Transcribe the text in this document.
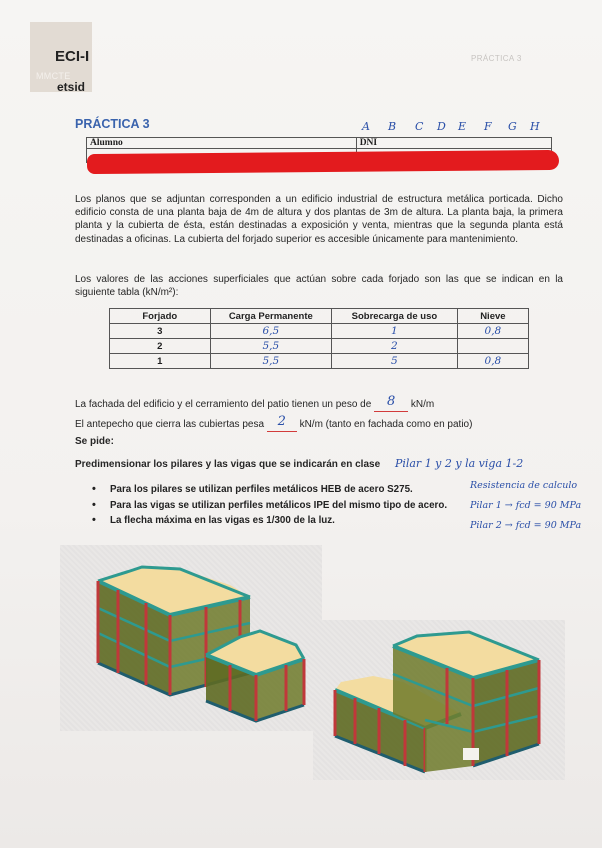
ECI-I
MMCTE
etsid
PRÁCTICA 3
PRÁCTICA 3	A B C D E F G H
Alumno	DNI

Los planos que se adjuntan corresponden a un edificio industrial de estructura metálica porticada. Dicho edificio consta de una planta baja de 4m de altura y dos plantas de 3m de altura. La planta baja, la primera planta y la cubierta de ésta, están destinadas a exposición y venta, mientras que la segunda planta está destinadas a oficinas. La cubierta del forjado superior es accesible únicamente para mantenimiento.

Los valores de las acciones superficiales que actúan sobre cada forjado son las que se indican en la siguiente tabla (kN/m²):

Forjado	Carga Permanente	Sobrecarga de uso	Nieve
3	6,5	1	0,8
2	5,5	2	
1	5,5	5	0,8
La fachada del edificio y el cerramiento del patio tienen un peso de 8 kN/m
El antepecho que cierra las cubiertas pesa 2 kN/m (tanto en fachada como en patio)
Se pide:
Predimensionar los pilares y las vigas que se indicarán en clase Pilar 1 y 2 y la viga 1-2
• Para los pilares se utilizan perfiles metálicos HEB de acero S275.
• Para las vigas se utilizan perfiles metálicos IPE del mismo tipo de acero.
• La flecha máxima en las vigas es 1/300 de la luz.
Resistencia de calculo
Pilar 1 → fcd = 90 MPa
Pilar 2 → fcd = 90 MPa
